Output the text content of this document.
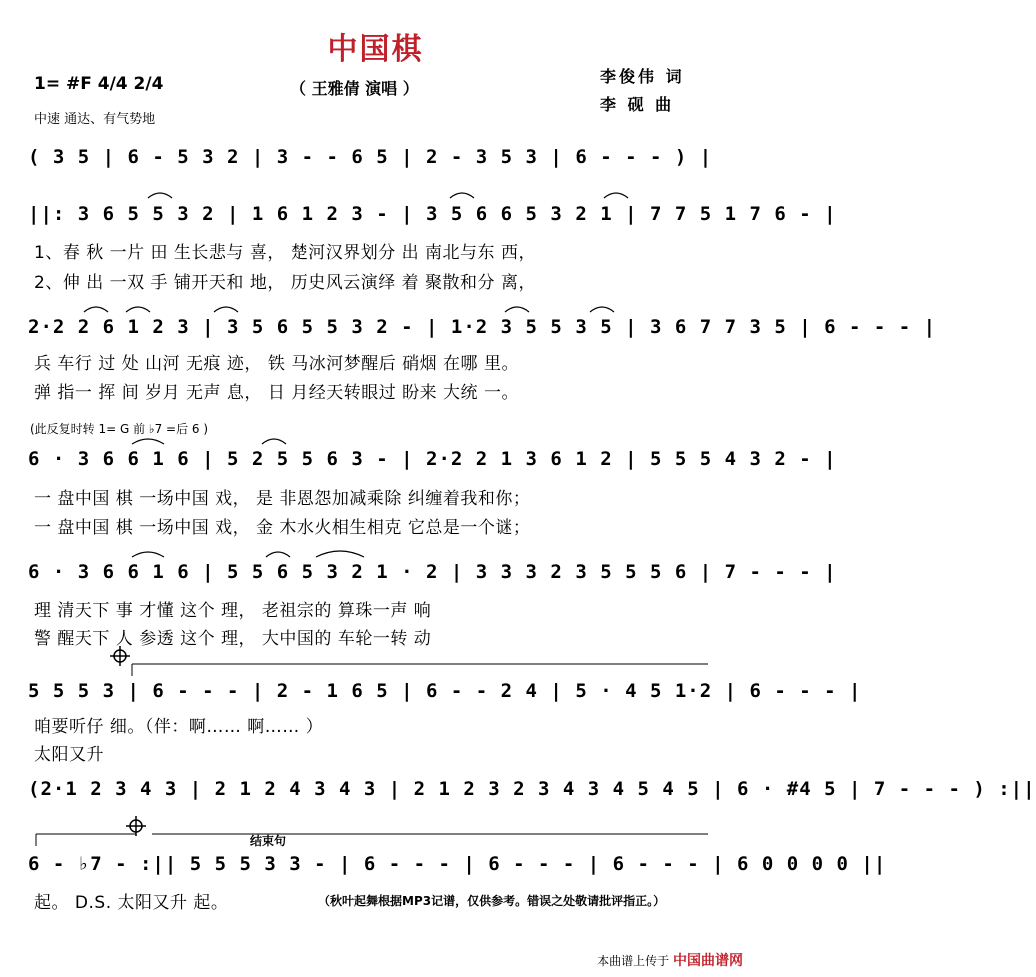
中国棋
1= #F 4/4 2/4
中速 通达、有气势地
（ 王雅倩 演唱 ）
李俊伟 词
李 砚 曲
( 3 5 | 6 - 5 3 2 | 3 - - 6 5 | 2 - 3 5 3 | 6 - - - ) |
||: 3 6 5 5 3 2 | 1 6 1 2 3 - | 3 5 6 6 5 3 2 1 | 7 7 5 1 7 6 - |
1、春 秋 一片 田 生长悲与 喜， 楚河汉界划分 出 南北与东 西，
2、伸 出 一双 手 铺开天和 地， 历史风云演绎 着 聚散和分 离，
2·2 2 6 1 2 3 | 3 5 6 5 5 3 2 - | 1·2 3 5 5 3 5 | 3 6 7 7 3 5 | 6 - - - |
兵 车行 过 处 山河 无痕 迹， 铁 马冰河梦醒后 硝烟 在哪 里。
弹 指一 挥 间 岁月 无声 息， 日 月经天转眼过 盼来 大统 一。
(此反复时转 1= G 前 ♭7 =后 6 )
6 · 3 6 6 1 6 | 5 2 5 5 6 3 - | 2·2 2 1 3 6 1 2 | 5 5 5 4 3 2 - |
一 盘中国 棋 一场中国 戏， 是 非恩怨加减乘除 纠缠着我和你；
一 盘中国 棋 一场中国 戏， 金 木水火相生相克 它总是一个谜；
6 · 3 6 6 1 6 | 5 5 6 5 3 2 1 · 2 | 3 3 3 2 3 5 5 5 6 | 7 - - - |
理 清天下 事 才懂 这个 理， 老祖宗的 算珠一声 响
警 醒天下 人 参透 这个 理， 大中国的 车轮一转 动
5 5 5 3 | 6 - - - | 2 - 1 6 5 | 6 - - 2 4 | 5 · 4 5 1·2 | 6 - - - |
咱要听仔 细。（伴：啊…… 啊…… ）
太阳又升
(2·1 2 3 4 3 | 2 1 2 4 3 4 3 | 2 1 2 3 2 3 4 3 4 5 4 5 | 6 · #4 5 | 7 - - - ) :||
结束句
6 - ♭7 - :|| 5 5 5 3 3 - | 6 - - - | 6 - - - | 6 - - - | 6 0 0 0 0 ||
起。 D.S. 太阳又升 起。	（秋叶起舞根据MP3记谱，仅供参考。错误之处敬请批评指正。）
本曲谱上传于 中国曲谱网
